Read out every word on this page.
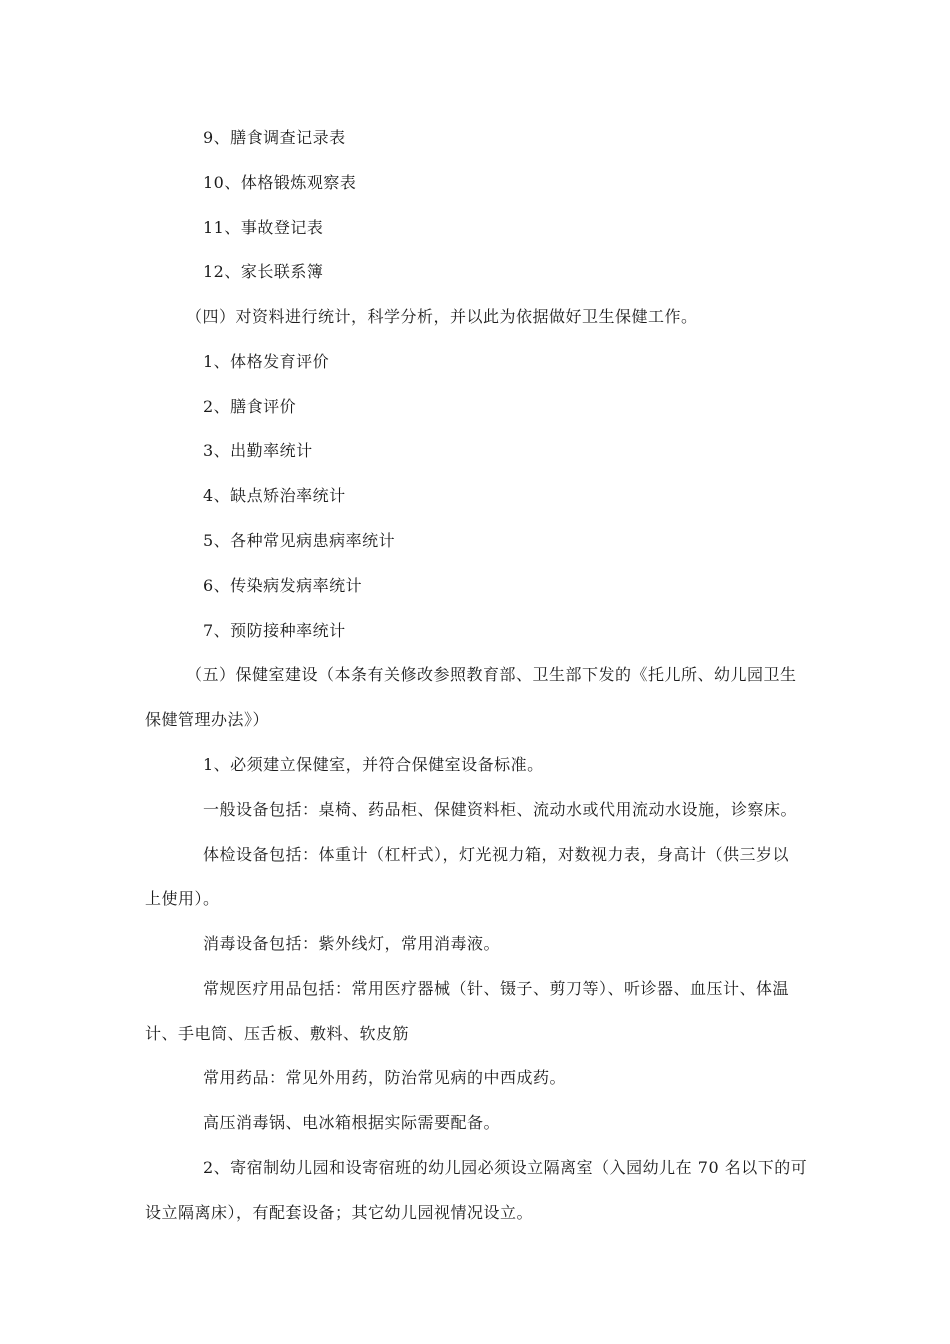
9、膳食调查记录表
10、体格锻炼观察表
11、事故登记表
12、家长联系簿
（四）对资料进行统计，科学分析，并以此为依据做好卫生保健工作。
1、体格发育评价
2、膳食评价
3、出勤率统计
4、缺点矫治率统计
5、各种常见病患病率统计
6、传染病发病率统计
7、预防接种率统计
（五）保健室建设（本条有关修改参照教育部、卫生部下发的《托儿所、幼儿园卫生
保健管理办法》）
1、必须建立保健室，并符合保健室设备标准。
一般设备包括：桌椅、药品柜、保健资料柜、流动水或代用流动水设施，诊察床。
体检设备包括：体重计（杠杆式），灯光视力箱，对数视力表，身高计（供三岁以
上使用）。
消毒设备包括：紫外线灯，常用消毒液。
常规医疗用品包括：常用医疗器械（针、镊子、剪刀等）、听诊器、血压计、体温
计、手电筒、压舌板、敷料、软皮筋
常用药品：常见外用药，防治常见病的中西成药。
高压消毒锅、电冰箱根据实际需要配备。
2、寄宿制幼儿园和设寄宿班的幼儿园必须设立隔离室（入园幼儿在 70 名以下的可
设立隔离床），有配套设备；其它幼儿园视情况设立。
